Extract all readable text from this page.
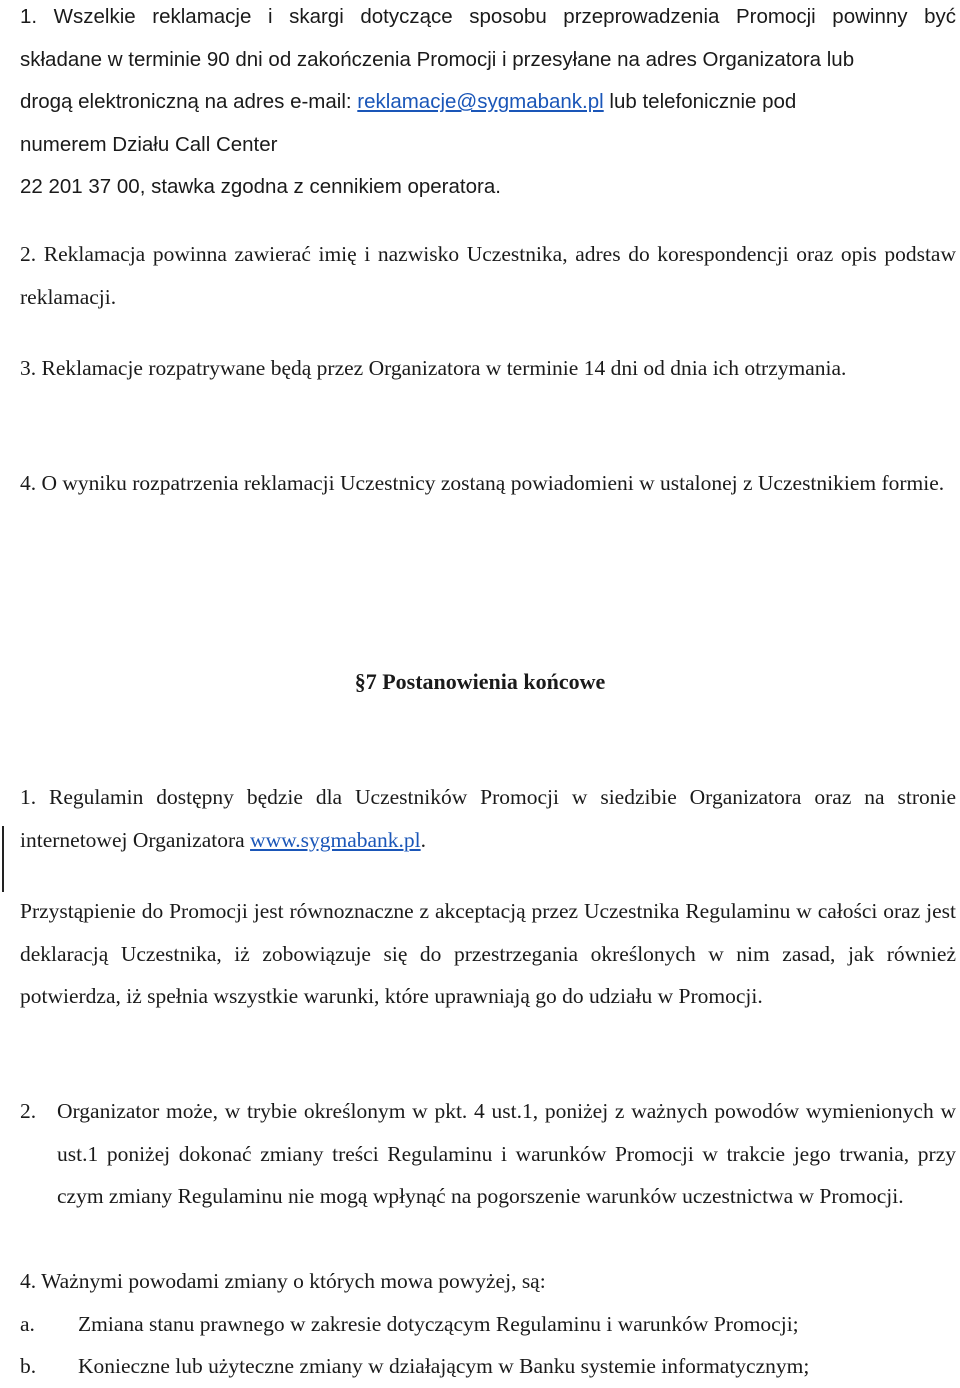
1. Wszelkie reklamacje i skargi dotyczące sposobu przeprowadzenia Promocji powinny być
składane w terminie 90 dni od zakończenia Promocji i przesyłane na adres Organizatora lub
drogą elektroniczną na adres e-mail: reklamacje@sygmabank.pl lub telefonicznie pod
numerem Działu Call Center
22 201 37 00, stawka zgodna z cennikiem operatora.
2. Reklamacja powinna zawierać imię i nazwisko Uczestnika, adres do korespondencji oraz opis podstaw reklamacji.
3. Reklamacje rozpatrywane będą przez Organizatora w terminie 14 dni od dnia ich otrzymania.
4. O wyniku rozpatrzenia reklamacji Uczestnicy zostaną powiadomieni w ustalonej z Uczestnikiem formie.
§7 Postanowienia końcowe
1. Regulamin dostępny będzie dla Uczestników Promocji w siedzibie Organizatora oraz na stronie internetowej Organizatora www.sygmabank.pl.
Przystąpienie do Promocji jest równoznaczne z akceptacją przez Uczestnika Regulaminu w całości oraz jest deklaracją Uczestnika, iż zobowiązuje się do przestrzegania określonych w nim zasad, jak również potwierdza, iż spełnia wszystkie warunki, które uprawniają go do udziału w Promocji.
2. Organizator może, w trybie określonym w pkt. 4 ust.1, poniżej z ważnych powodów wymienionych w ust.1 poniżej dokonać zmiany treści Regulaminu i warunków Promocji w trakcie jego trwania, przy czym zmiany Regulaminu nie mogą wpłynąć na pogorszenie warunków uczestnictwa w Promocji.
4. Ważnymi powodami zmiany o których mowa powyżej, są:
a.	Zmiana stanu prawnego w zakresie dotyczącym Regulaminu i warunków Promocji;
b.	Konieczne lub użyteczne zmiany w działającym w Banku systemie informatycznym;
